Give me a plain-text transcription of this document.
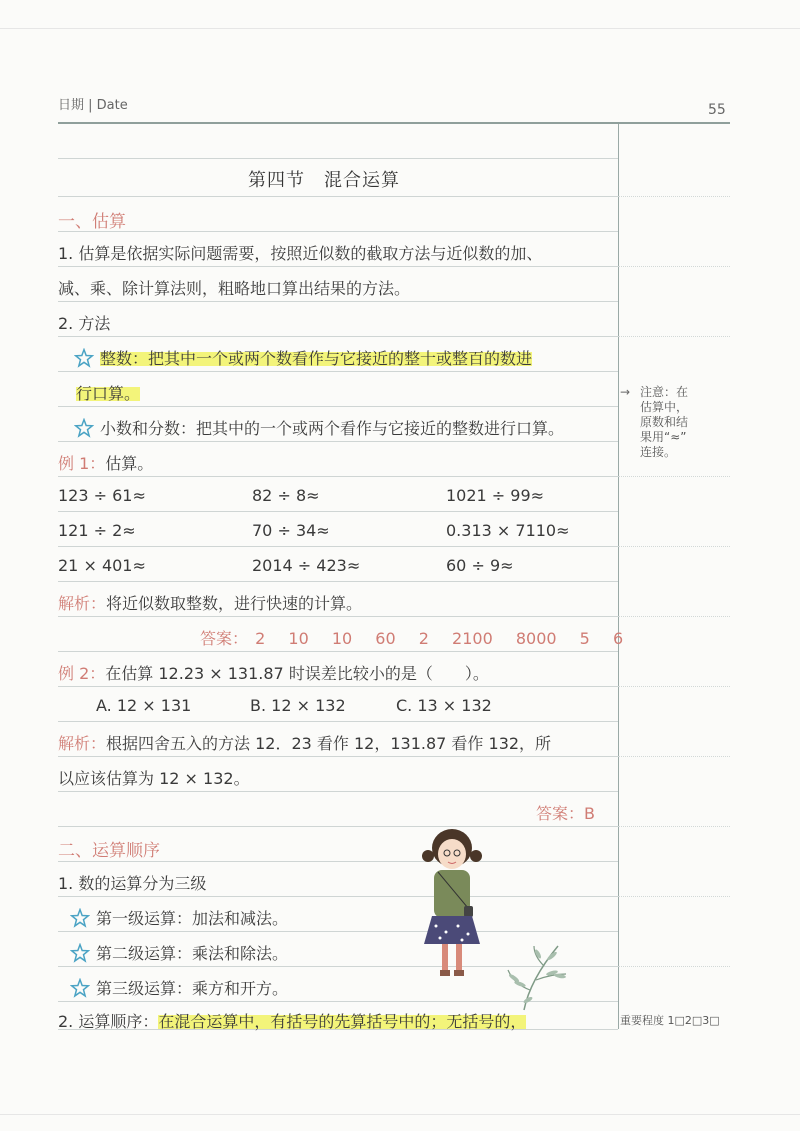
日期 | Date	55
第四节　混合运算
一、估算
1. 估算是依据实际问题需要，按照近似数的截取方法与近似数的加、
减、乘、除计算法则，粗略地口算出结果的方法。
2. 方法
整数：把其中一个或两个数看作与它接近的整十或整百的数进
行口算。
小数和分数：把其中的一个或两个看作与它接近的整数进行口算。
例 1：估算。
123 ÷ 61≈	82 ÷ 8≈	1021 ÷ 99≈
121 ÷ 2≈	70 ÷ 34≈	0.313 × 7110≈
21 × 401≈	2014 ÷ 423≈	60 ÷ 9≈
解析：将近似数取整数，进行快速的计算。
答案： 2 10 10 60 2 2100 8000 5 6
例 2：在估算 12.23 × 131.87 时误差比较小的是（　　）。
A. 12 × 131	B. 12 × 132	C. 13 × 132
解析：根据四舍五入的方法 12．23 看作 12，131.87 看作 132，所
以应该估算为 12 × 132。
答案：B
二、运算顺序
1. 数的运算分为三级
第一级运算：加法和减法。
第二级运算：乘法和除法。
第三级运算：乘方和开方。
2. 运算顺序：在混合运算中，有括号的先算括号中的；无括号的，
→ 注意：在
估算中，
原数和结
果用“≈”
连接。
重要程度 1□2□3□
